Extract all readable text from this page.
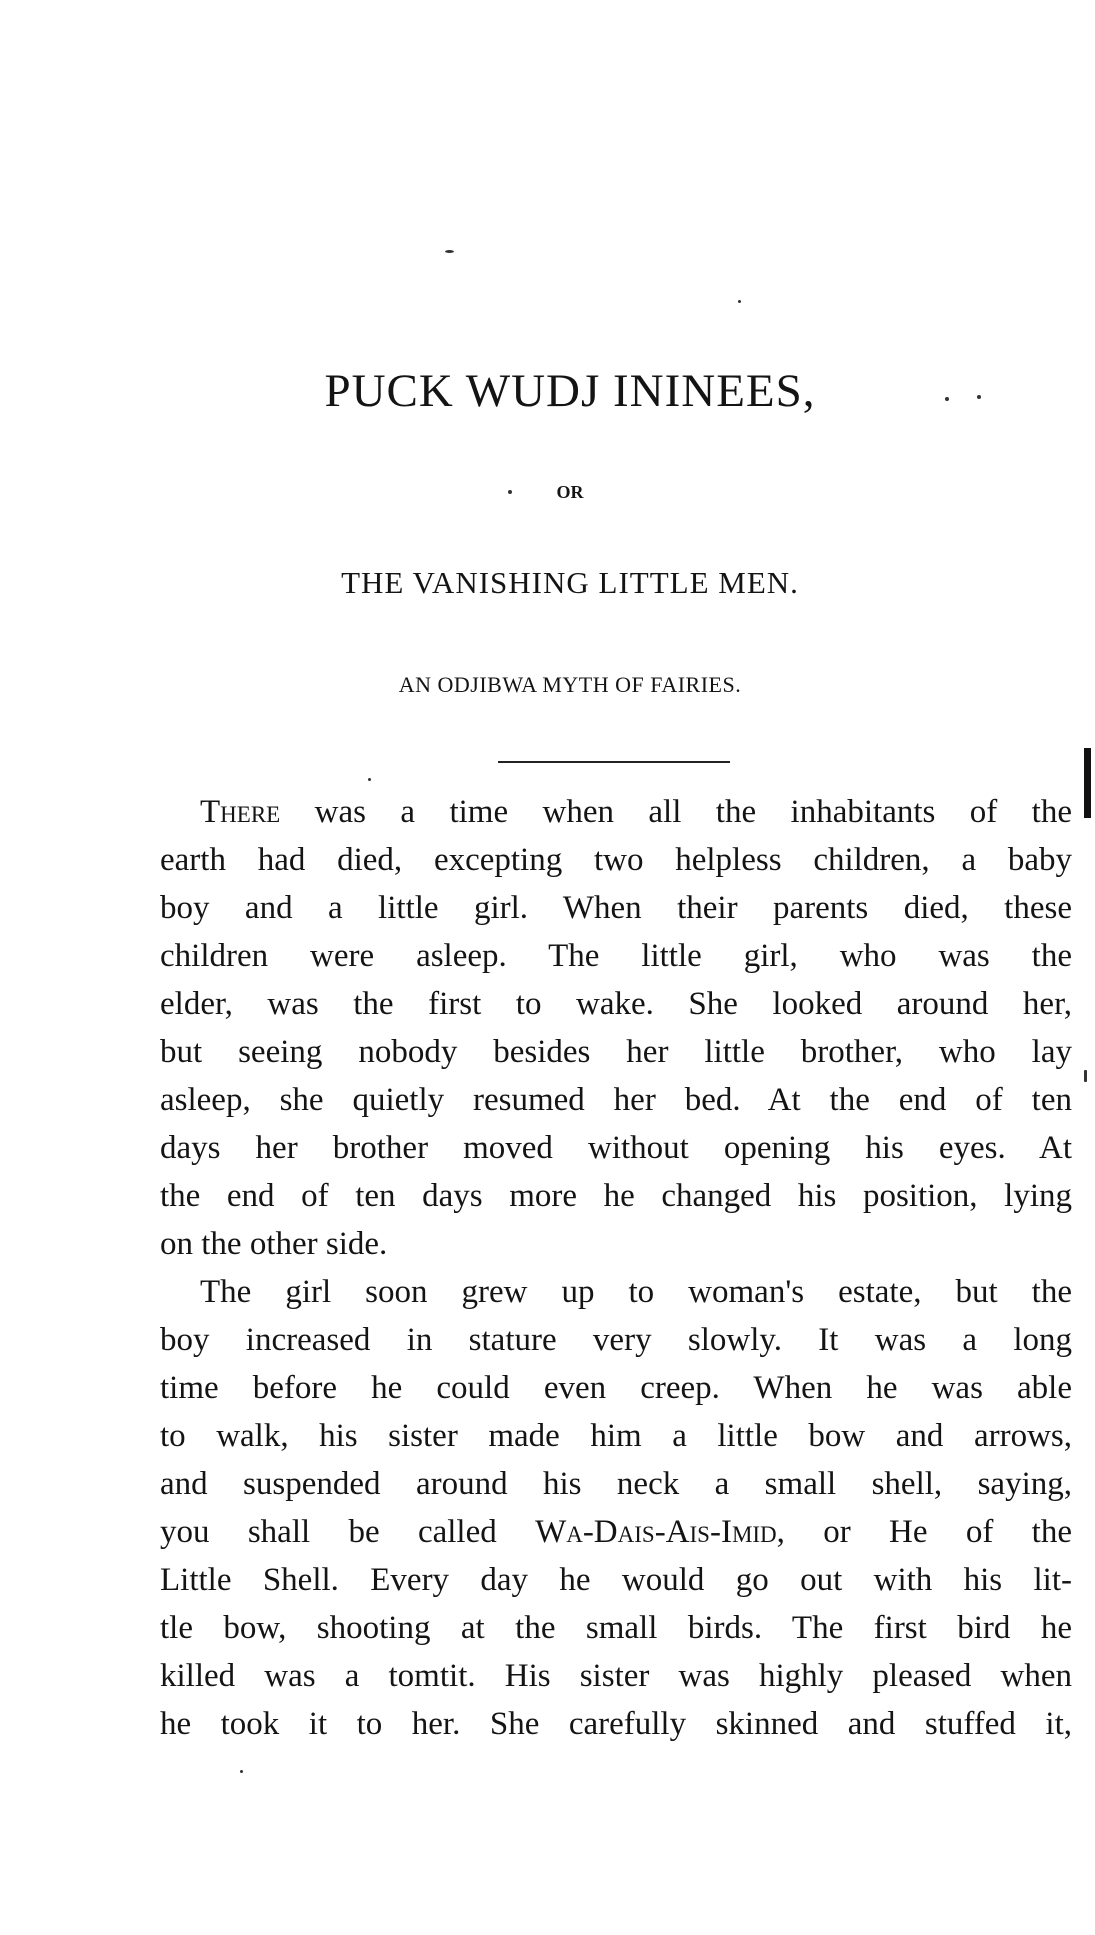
PUCK WUDJ ININEES,
OR
THE VANISHING LITTLE MEN.
AN ODJIBWA MYTH OF FAIRIES.
There was a time when all the inhabitants of the
earth had died, excepting two helpless children, a baby
boy and a little girl. When their parents died, these
children were asleep. The little girl, who was the
elder, was the first to wake. She looked around her,
but seeing nobody besides her little brother, who lay
asleep, she quietly resumed her bed. At the end of ten
days her brother moved without opening his eyes. At
the end of ten days more he changed his position, lying
on the other side.
The girl soon grew up to woman's estate, but the
boy increased in stature very slowly. It was a long
time before he could even creep. When he was able
to walk, his sister made him a little bow and arrows,
and suspended around his neck a small shell, saying,
you shall be called Wa-Dais-Ais-Imid, or He of the
Little Shell. Every day he would go out with his lit-
tle bow, shooting at the small birds. The first bird he
killed was a tomtit. His sister was highly pleased when
he took it to her. She carefully skinned and stuffed it,
